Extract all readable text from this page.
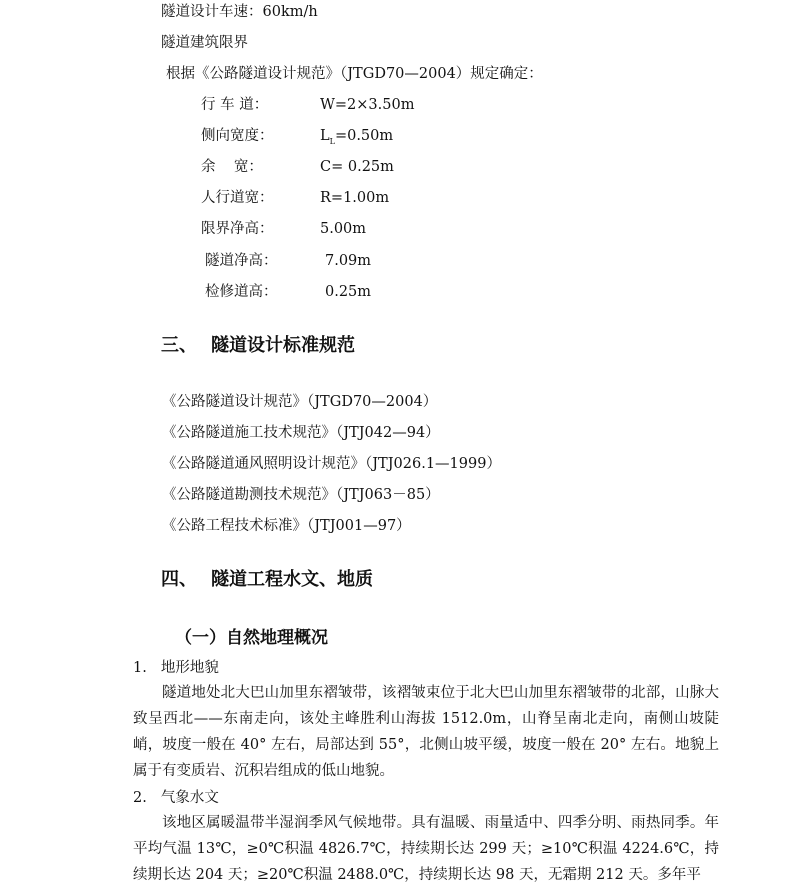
隧道设计车速：60km/h
隧道建筑限界
根据《公路隧道设计规范》（JTGD70—2004）规定确定：
行 车 道：	W=2×3.50m
侧向宽度：	$L_L=0.50m$
余    宽：	C= 0.25m
人行道宽：	R=1.00m
限界净高：	5.00m
隧道净高：	7.09m
检修道高：	0.25m
三、 隧道设计标准规范
《公路隧道设计规范》（JTGD70—2004）
《公路隧道施工技术规范》（JTJ042—94）
《公路隧道通风照明设计规范》（JTJ026.1—1999）
《公路隧道勘测技术规范》（JTJ063－85）
《公路工程技术标准》（JTJ001—97）
四、 隧道工程水文、地质
（一）自然地理概况
1. 地形地貌
隧道地处北大巴山加里东褶皱带，该褶皱束位于北大巴山加里东褶皱带的北部，山脉大致呈西北——东南走向，该处主峰胜利山海拔 1512.0m，山脊呈南北走向，南侧山坡陡峭，坡度一般在 40° 左右，局部达到 55°，北侧山坡平缓，坡度一般在 20° 左右。地貌上属于有变质岩、沉积岩组成的低山地貌。
2. 气象水文
该地区属暖温带半湿润季风气候地带。具有温暖、雨量适中、四季分明、雨热同季。年平均气温 13℃，≥0℃积温 4826.7℃，持续期长达 299 天；≥10℃积温 4224.6℃，持续期长达 204 天；≥20℃积温 2488.0℃，持续期长达 98 天，无霜期 212 天。多年平
